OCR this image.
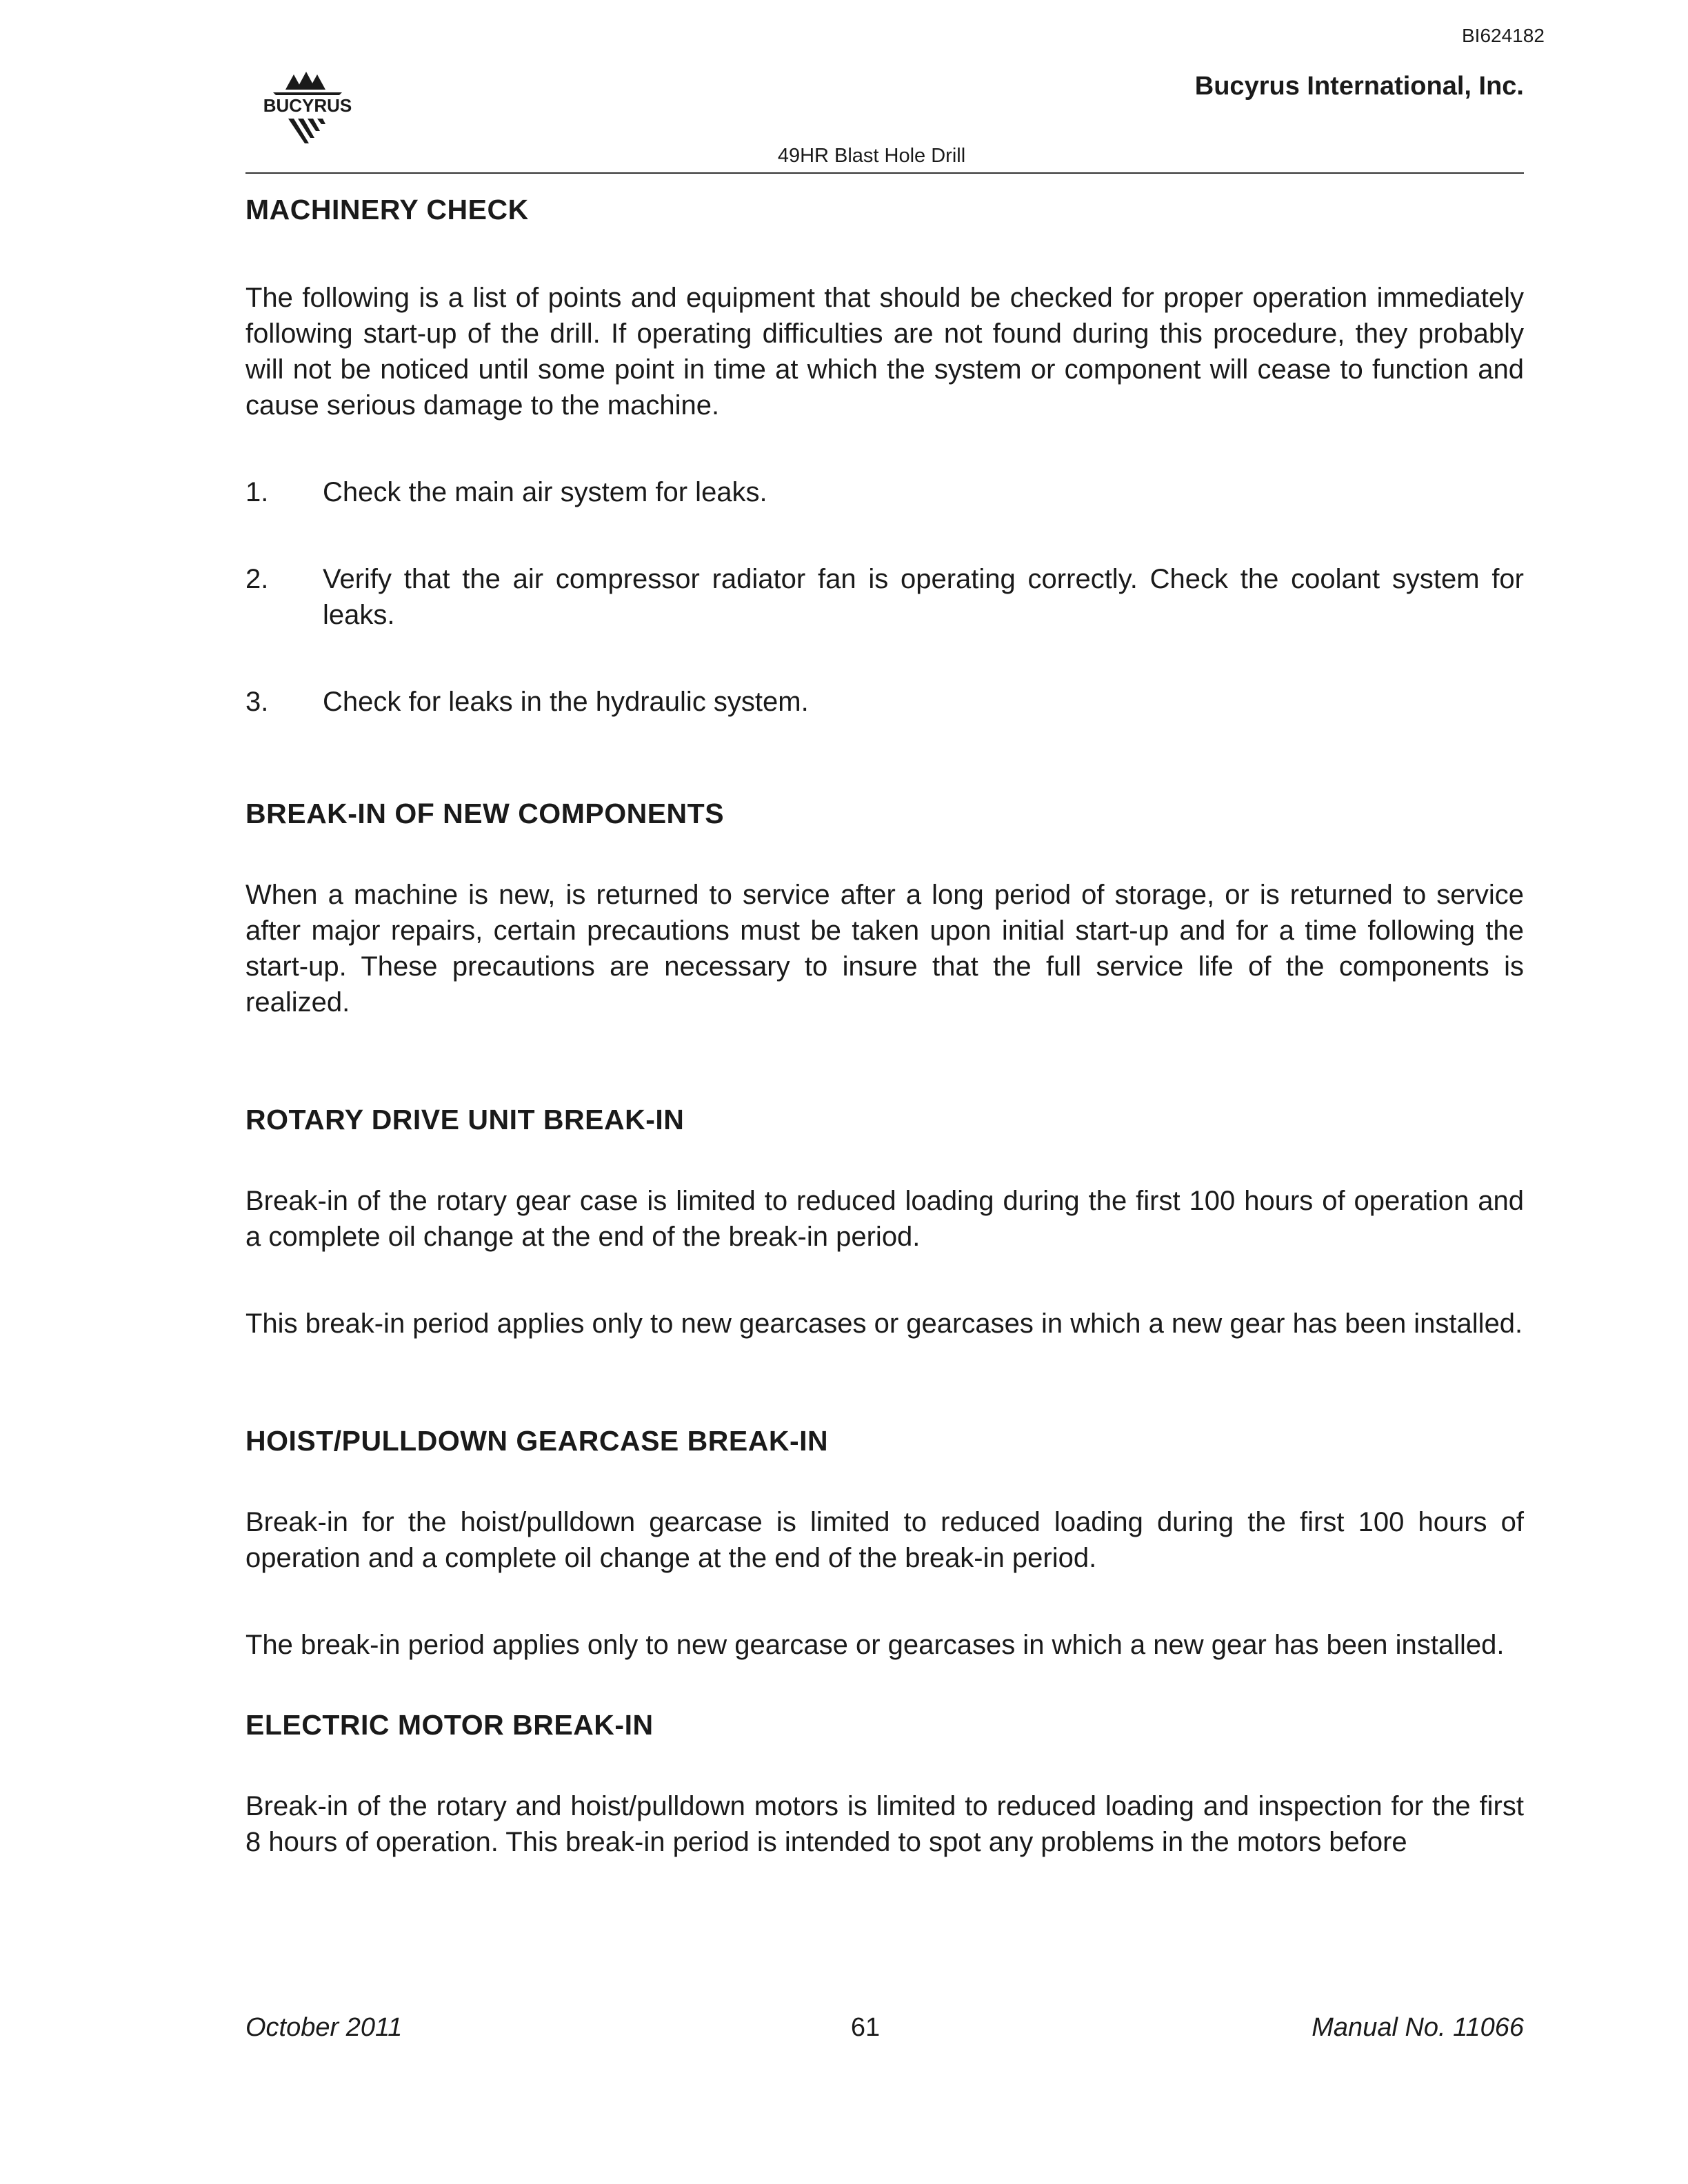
BI624182
Bucyrus International, Inc.
BUCYRUS
49HR Blast Hole Drill
MACHINERY CHECK

The following is a list of points and equipment that should be checked for proper operation immediately following start-up of the drill. If operating difficulties are not found during this procedure, they probably will not be noticed until some point in time at which the system or component will cease to function and cause serious damage to the machine.

1.	Check the main air system for leaks.
2.	Verify that the air compressor radiator fan is operating correctly. Check the coolant system for leaks.
3.	Check for leaks in the hydraulic system.
BREAK-IN OF NEW COMPONENTS

When a machine is new, is returned to service after a long period of storage, or is returned to service after major repairs, certain precautions must be taken upon initial start-up and for a time following the start-up. These precautions are necessary to insure that the full service life of the components is realized.

ROTARY DRIVE UNIT BREAK-IN

Break-in of the rotary gear case is limited to reduced loading during the first 100 hours of operation and a complete oil change at the end of the break-in period.

This break-in period applies only to new gearcases or gearcases in which a new gear has been installed.

HOIST/PULLDOWN GEARCASE BREAK-IN

Break-in for the hoist/pulldown gearcase is limited to reduced loading during the first 100 hours of operation and a complete oil change at the end of the break-in period.

The break-in period applies only to new gearcase or gearcases in which a new gear has been installed.

ELECTRIC MOTOR BREAK-IN

Break-in of the rotary and hoist/pulldown motors is limited to reduced loading and inspection for the first 8 hours of operation. This break-in period is intended to spot any problems in the motors before

October 2011	61	Manual No. 11066
